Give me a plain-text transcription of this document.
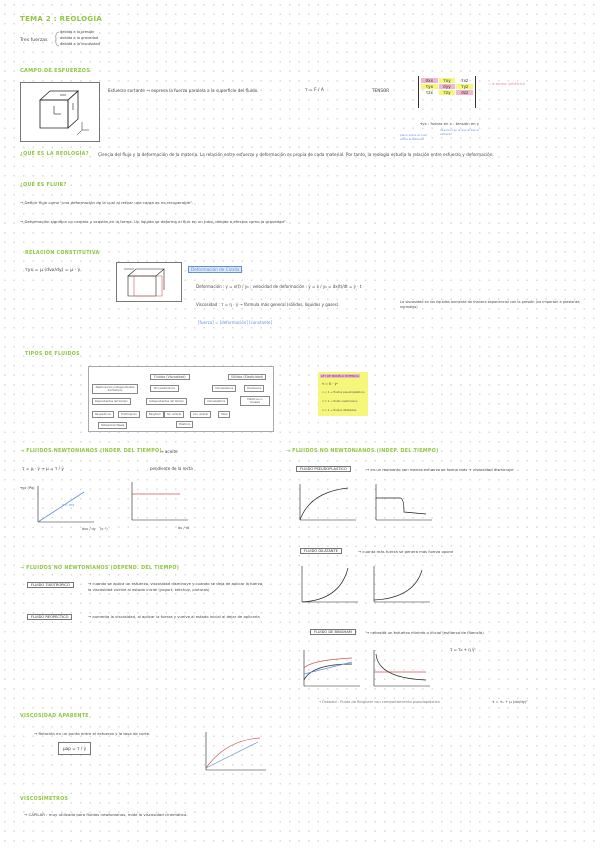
TEMA 2 : REOLOGÍA
Tres fuerzas
debida a la presión
debida a la gravedad
debida a la viscosidad
CAMPO DE ESFUERZOS
Esfuerzo cortante → expresa la fuerza paralela a la superficie del fluido.	τ = F / A	TENSOR
σxx	τxy	τxz
τyx	σyy	τyz
τzx	τzy	σzz
= σ tensor simétrico
τyx : fuerza en x - tensión en y
plano sobre el cual actúa el esfuerzo
dirección en la que actúa el esfuerzo
¿QUÉ ES LA REOLOGÍA? Ciencia del flujo y la deformación de la materia. La relación entre esfuerzo y deformación es propia de cada material. Por tanto, la reología estudia la relación entre esfuerzo y deformación.
¿QUÉ ES FLUIR?
→ Definir flujo como "una deformación de la cual al retirar una carga es no recuperable".
→ Deformación significa un cambio u ocasión en la forma. Un líquido se deforma al fluir en un tubo, debido a efectos como la gravedad".
RELACIÓN CONSTITUTIVA
τyx = μ (dvx/dy) = μ · γ̇	Deformación de Cizalla
Deformación : γ = x(t) / y₀ ; velocidad de deformación : γ̇ = ẋ / y₀ = dx(t)/dt = γ̇ · t
Viscosidad : τ = η · γ̇ → fórmula más general (sólidos, líquidos y gases).	La viscosidad en los líquidos aumenta de manera exponencial con la presión (no importan a presiones normales)
[fuerza] = [deformación] [constante]
TIPOS DE FLUIDOS
Fluidos (Viscosidad)	Sólidos (Elasticidad)
Newtonianos (independientes del tiempo)
No newtonianos	Viscoelásticos	Hookeanos
Dependientes del tiempo	Independientes del tiempo	Viscoelásticos
Elásticos no lineales
Reopécticos	Tixotrópicos	Bingham	Sin umbral	Con umbral	Ideal
Plásticos
Ostwald-de Waele
LEY DE MODELO POTENCIA
τ = K · γ̇ⁿ
n < 1 → fluidos pseudoplásticos
n = 1 → fluido newtoniano
n > 1 → fluidos dilatantes
→ FLUIDOS NEWTONIANOS (INDEP. DEL TIEMPO)
→ aceite
τ = μ · γ̇ → μ = τ / γ̇	pendiente de la recta
τyx (Pa)
y = mx
dvx / dy (s⁻¹)	du / dt
→ FLUIDOS NO NEWTONIANOS (INDEP. DEL TIEMPO)
FLUIDO PSEUDOPLÁSTICO	→ en un momento con menos esfuerzo se forma más → viscosidad disminuye
FLUIDO DILATANTE	→ cuanta más fuerza se genera más fuerza opone
FLUIDO DE BINGHAM	→ necesita un esfuerzo mínimo o inicial (esfuerzo de fluencia)
τ = τ₀ + η γ̇ⁿ
→ Ostwald - fluido de Bingham con comportamiento pseudoplástico	τ = τ₀ + μ (dv/dy)ⁿ
→ FLUIDOS NO NEWTONIANOS (DEPEND. DEL TIEMPO)
FLUIDO TIXOTRÓPICO	→ cuando se aplica un esfuerzo, viscosidad disminuye y cuando se deja de aplicar la fuerza, la viscosidad vuelve al estado inicial (yogurt, ketchup, pinturas)
FLUIDO REOPÉCTICO	→ aumenta la viscosidad, al aplicar la fuerza y vuelve al estado inicial al dejar de aplicarla
VISCOSIDAD APARENTE
→ Relación en un punto entre el esfuerzo y la tasa de corte.
μap = τ / γ̇
VISCOSÍMETROS
→ CAPILAR : muy utilizado para fluidos newtonianos, mide la viscosidad cinemática.
